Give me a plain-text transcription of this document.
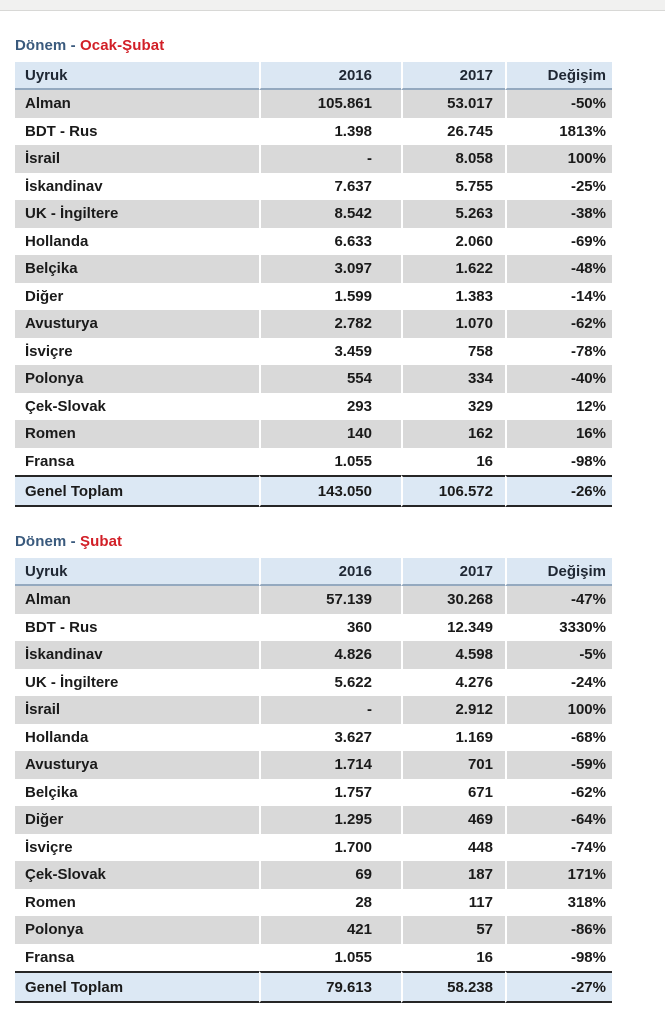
Dönem - Ocak-Şubat
Uyruk	2016	2017	Değişim
Alman	105.861	53.017	-50%
BDT - Rus	1.398	26.745	1813%
İsrail	-	8.058	100%
İskandinav	7.637	5.755	-25%
UK - İngiltere	8.542	5.263	-38%
Hollanda	6.633	2.060	-69%
Belçika	3.097	1.622	-48%
Diğer	1.599	1.383	-14%
Avusturya	2.782	1.070	-62%
İsviçre	3.459	758	-78%
Polonya	554	334	-40%
Çek-Slovak	293	329	12%
Romen	140	162	16%
Fransa	1.055	16	-98%
Genel Toplam	143.050	106.572	-26%
Dönem - Şubat
Uyruk	2016	2017	Değişim
Alman	57.139	30.268	-47%
BDT - Rus	360	12.349	3330%
İskandinav	4.826	4.598	-5%
UK - İngiltere	5.622	4.276	-24%
İsrail	-	2.912	100%
Hollanda	3.627	1.169	-68%
Avusturya	1.714	701	-59%
Belçika	1.757	671	-62%
Diğer	1.295	469	-64%
İsviçre	1.700	448	-74%
Çek-Slovak	69	187	171%
Romen	28	117	318%
Polonya	421	57	-86%
Fransa	1.055	16	-98%
Genel Toplam	79.613	58.238	-27%
